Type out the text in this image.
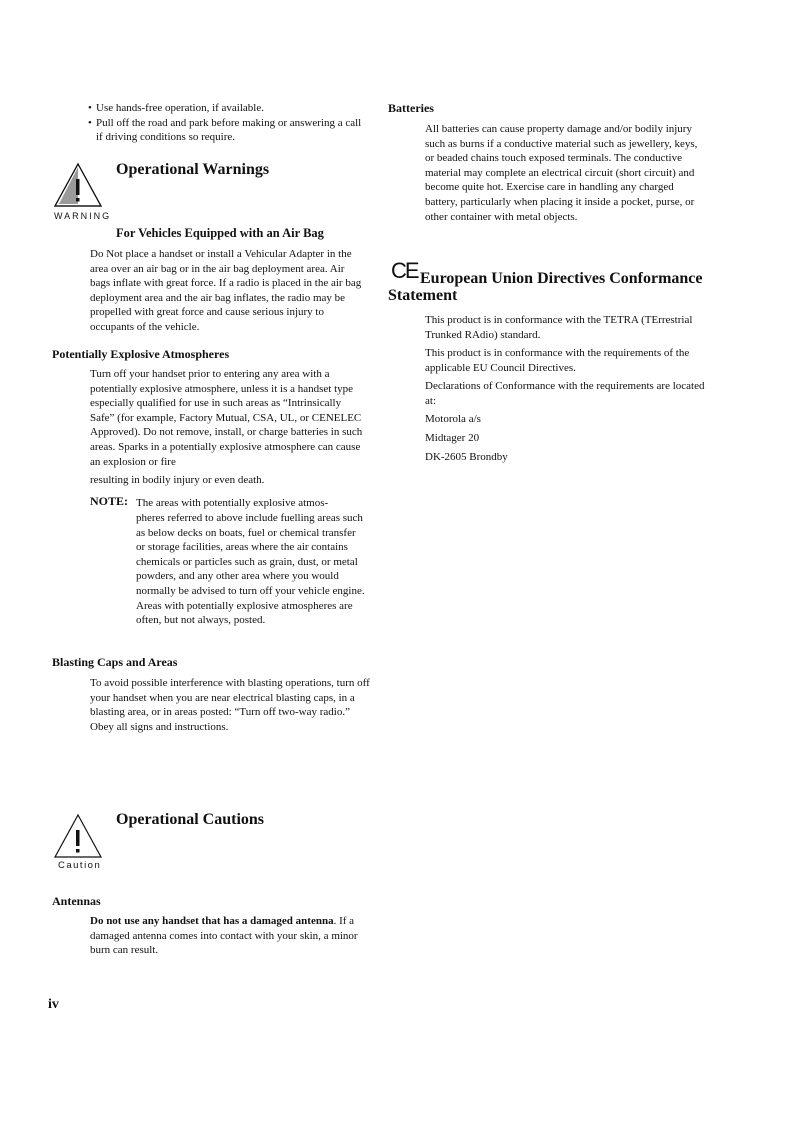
• Use hands-free operation, if available.
• Pull off the road and park before making or answering a call if driving conditions so require.
WARNING
Operational Warnings
For Vehicles Equipped with an Air Bag
Do Not place a handset or install a Vehicular Adapter in the area over an air bag or in the air bag deployment area. Air bags inflate with great force. If a radio is placed in the air bag deployment area and the air bag inflates, the radio may be propelled with great force and cause serious injury to occupants of the vehicle.
Potentially Explosive Atmospheres
Turn off your handset prior to entering any area with a potentially explosive atmosphere, unless it is a handset type especially qualified for use in such areas as “Intrinsically Safe” (for example, Factory Mutual, CSA, UL, or CENELEC Approved). Do not remove, install, or charge batteries in such areas. Sparks in a potentially explosive atmosphere can cause an explosion or fire
resulting in bodily injury or even death.
NOTE: The areas with potentially explosive atmos-
pheres referred to above include fuelling areas such as below decks on boats, fuel or chemical transfer or storage facilities, areas where the air contains chemicals or particles such as grain, dust, or metal powders, and any other area where you would normally be advised to turn off your vehicle engine. Areas with potentially explosive atmospheres are often, but not always, posted.
Blasting Caps and Areas
To avoid possible interference with blasting operations, turn off your handset when you are near electrical blasting caps, in a blasting area, or in areas posted: “Turn off two-way radio.” Obey all signs and instructions.
Caution
Operational Cautions
Antennas
Do not use any handset that has a damaged antenna. If a damaged antenna comes into contact with your skin, a minor burn can result.
iv
Batteries
All batteries can cause property damage and/or bodily injury such as burns if a conductive material such as jewellery, keys, or beaded chains touch exposed terminals. The conductive material may complete an electrical circuit (short circuit) and become quite hot. Exercise care in handling any charged battery, particularly when placing it inside a pocket, purse, or other container with metal objects.
CE European Union Directives Conformance
Statement
This product is in conformance with the TETRA (TErrestrial Trunked RAdio) standard.
This product is in conformance with the requirements of the applicable EU Council Directives.
Declarations of Conformance with the requirements are located at:
Motorola a/s
Midtager 20
DK-2605 Brondby
